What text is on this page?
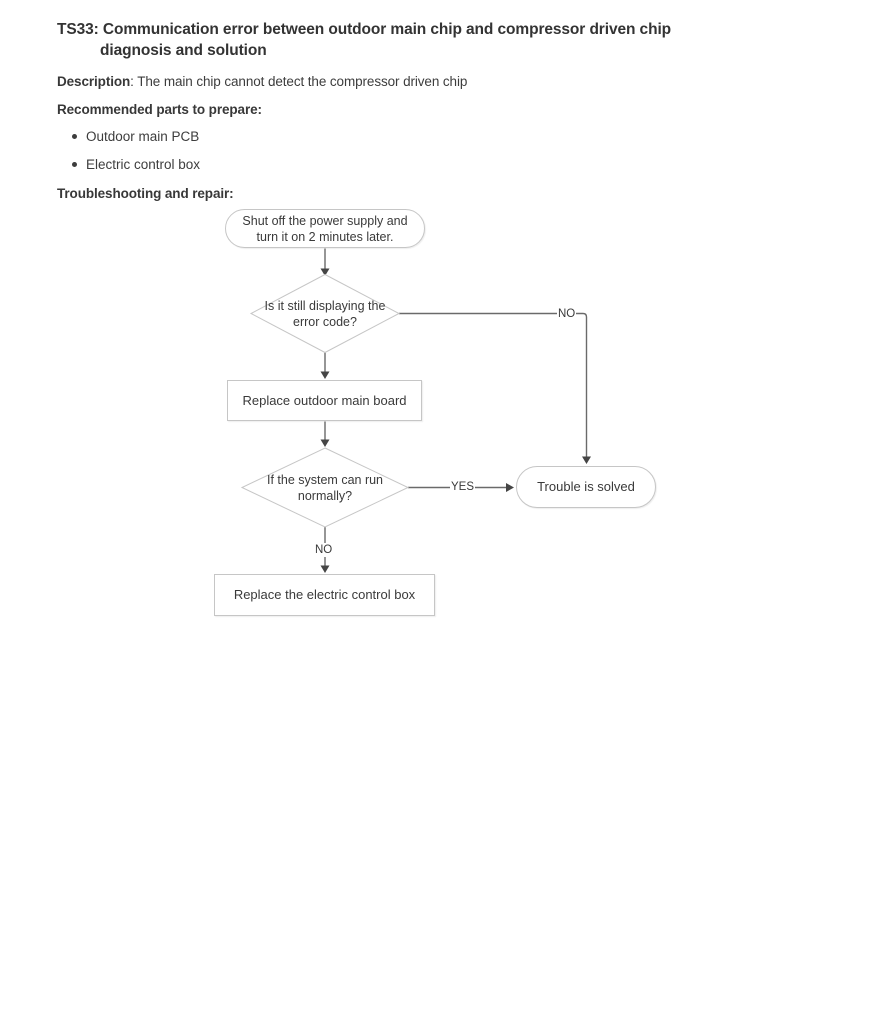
TS33: Communication error between outdoor main chip and compressor driven chip
diagnosis and solution
Description: The main chip cannot detect the compressor driven chip
Recommended parts to prepare:
Outdoor main PCB
Electric control box
Troubleshooting and repair:
Shut off the power supply and turn it on 2 minutes later.
Is it still displaying the error code?
Replace outdoor main board
If the system can run normally?
Trouble is solved
Replace the electric control box
NO
YES
NO
